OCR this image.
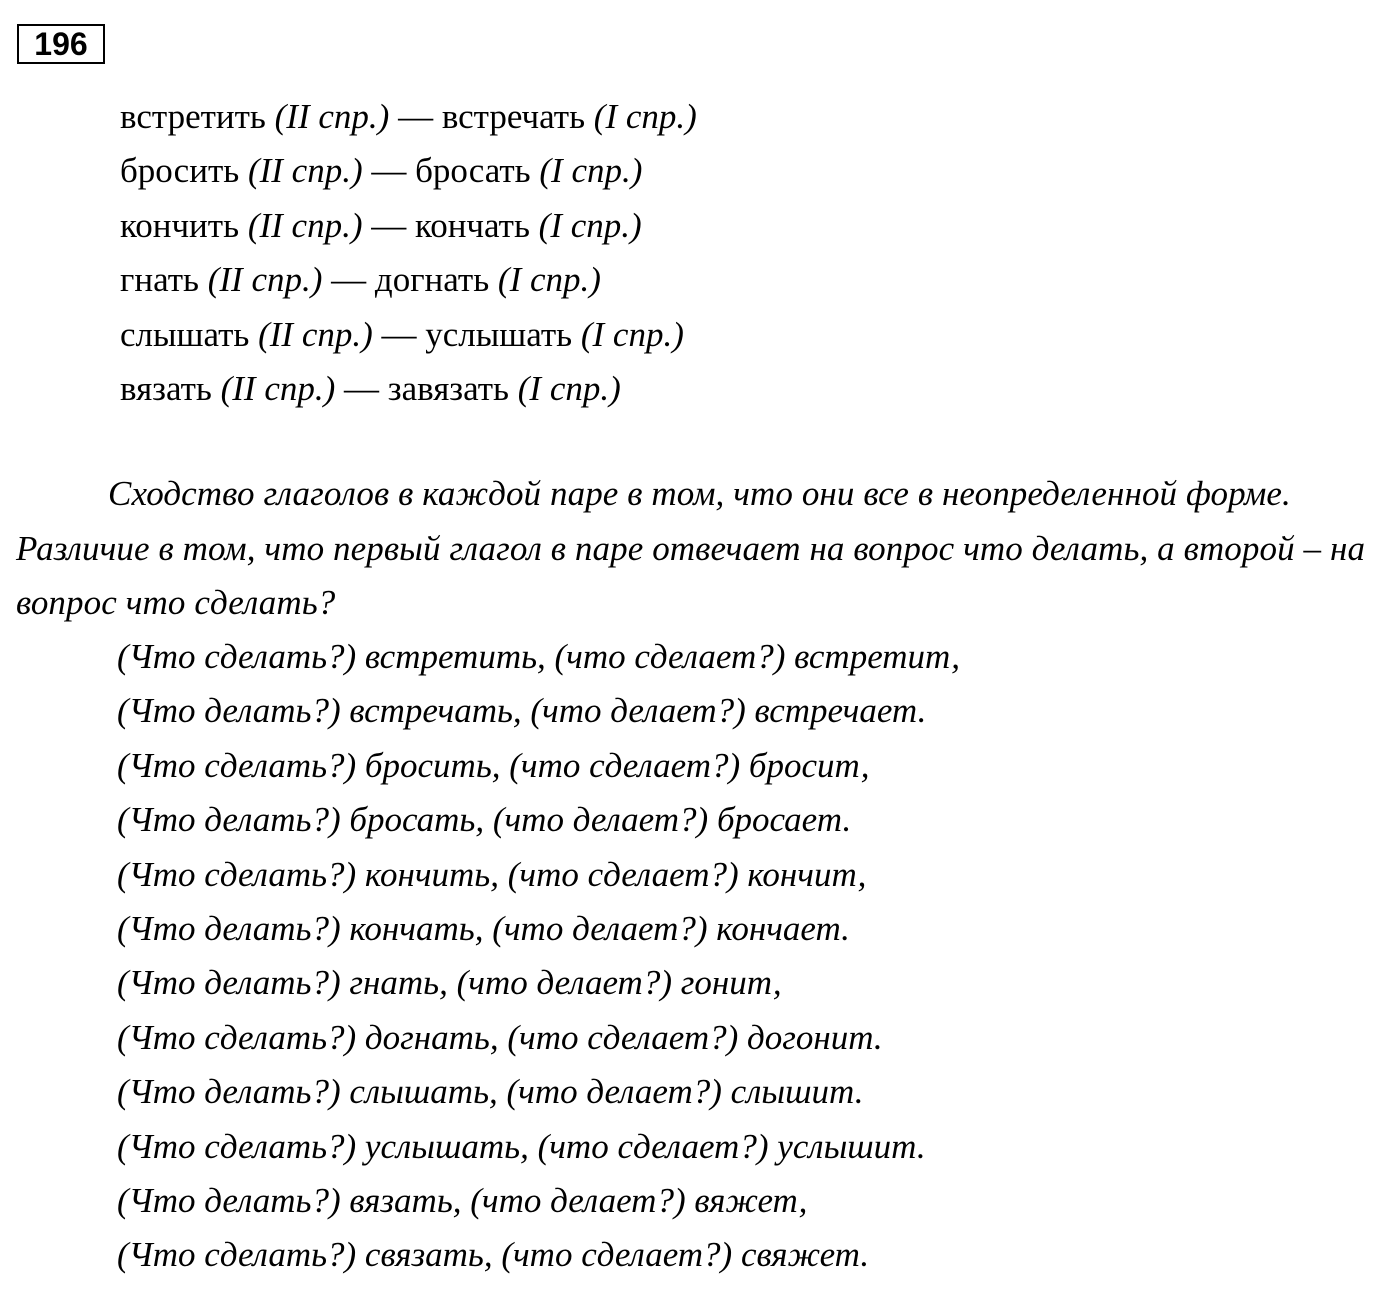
196
встретить (II спр.) — встречать (I спр.)
бросить (II спр.) — бросать (I спр.)
кончить (II спр.) — кончать (I спр.)
гнать (II спр.) — догнать (I спр.)
слышать (II спр.) — услышать (I спр.)
вязать (II спр.) — завязать (I спр.)

Сходство глаголов в каждой паре в том, что они все в неопределенной форме. Различие в том, что первый глагол в паре отвечает на вопрос что делать, а второй – на вопрос что сделать?

(Что сделать?) встретить, (что сделает?) встретит,
(Что делать?) встречать, (что делает?) встречает.
(Что сделать?) бросить, (что сделает?) бросит,
(Что делать?) бросать, (что делает?) бросает.
(Что сделать?) кончить, (что сделает?) кончит,
(Что делать?) кончать, (что делает?) кончает.
(Что делать?) гнать, (что делает?) гонит,
(Что сделать?) догнать, (что сделает?) догонит.
(Что делать?) слышать, (что делает?) слышит.
(Что сделать?) услышать, (что сделает?) услышит.
(Что делать?) вязать, (что делает?) вяжет,
(Что сделать?) связать, (что сделает?) свяжет.
